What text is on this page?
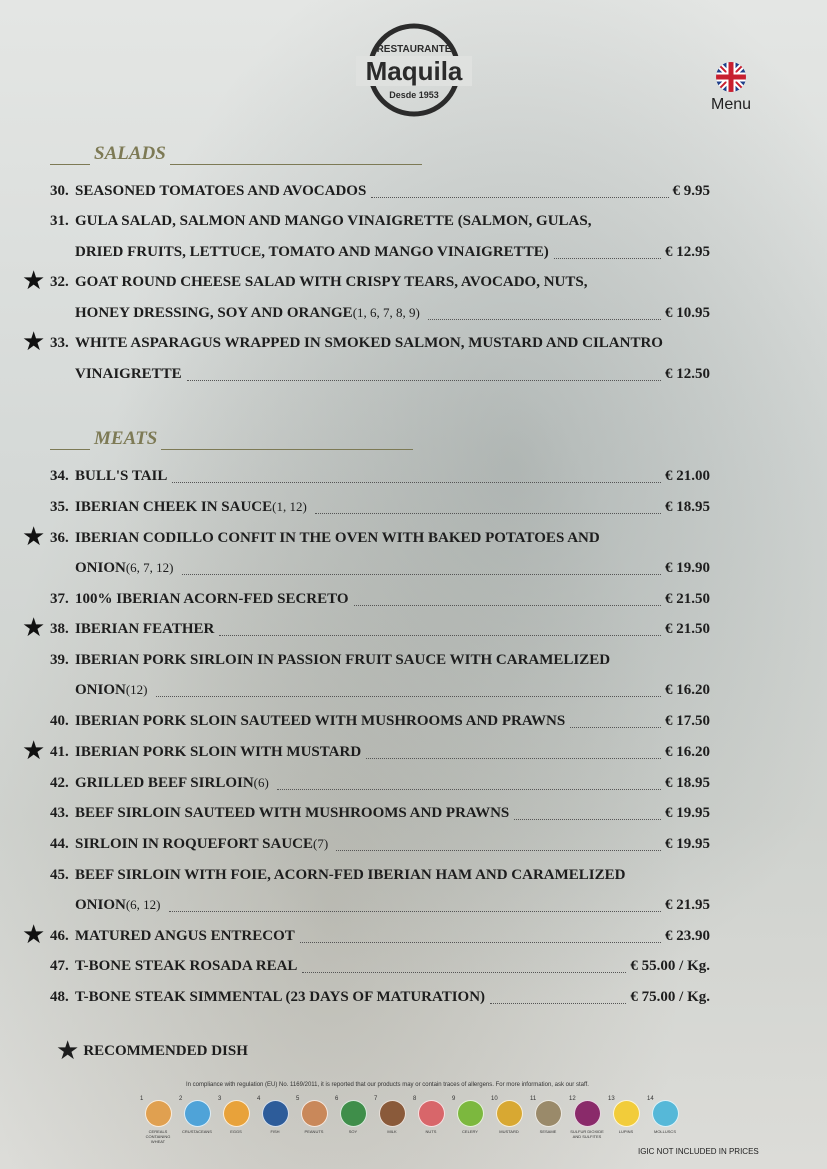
RESTAURANTE
Maquila
Desde 1953
Menu
SALADS
MEATS
30. SEASONED TOMATOES AND AVOCADOS	€ 9.95
31. GULA SALAD, SALMON AND MANGO VINAIGRETTE (SALMON, GULAS,
DRIED FRUITS, LETTUCE, TOMATO AND MANGO VINAIGRETTE)	€ 12.95
★ 32. GOAT ROUND CHEESE SALAD WITH CRISPY TEARS, AVOCADO, NUTS,
HONEY DRESSING, SOY AND ORANGE(1, 6, 7, 8, 9)	€ 10.95
★ 33. WHITE ASPARAGUS WRAPPED IN SMOKED SALMON, MUSTARD AND CILANTRO
VINAIGRETTE	€ 12.50
34. BULL'S TAIL	€ 21.00
35. IBERIAN CHEEK IN SAUCE(1, 12)	€ 18.95
★ 36. IBERIAN CODILLO CONFIT IN THE OVEN WITH BAKED POTATOES AND
ONION(6, 7, 12)	€ 19.90
37. 100% IBERIAN ACORN-FED SECRETO	€ 21.50
★ 38. IBERIAN FEATHER	€ 21.50
39. IBERIAN PORK SIRLOIN IN PASSION FRUIT SAUCE WITH CARAMELIZED
ONION(12)	€ 16.20
40. IBERIAN PORK SLOIN SAUTEED WITH MUSHROOMS AND PRAWNS	€ 17.50
★ 41. IBERIAN PORK SLOIN WITH MUSTARD	€ 16.20
42. GRILLED BEEF SIRLOIN(6)	€ 18.95
43. BEEF SIRLOIN SAUTEED WITH MUSHROOMS AND PRAWNS	€ 19.95
44. SIRLOIN IN ROQUEFORT SAUCE(7)	€ 19.95
45. BEEF SIRLOIN WITH FOIE, ACORN-FED IBERIAN HAM AND CARAMELIZED
ONION(6, 12)	€ 21.95
★ 46. MATURED ANGUS ENTRECOT	€ 23.90
47. T-BONE STEAK ROSADA REAL	€ 55.00 / Kg.
48. T-BONE STEAK SIMMENTAL (23 DAYS OF MATURATION)	€ 75.00 / Kg.
★ RECOMMENDED DISH
In compliance with regulation (EU) No. 1169/2011, it is reported that our products may or contain traces of allergens. For more information, ask our staff.
1
CEREALS CONTAINING WHEAT
2
CRUSTACEANS
3
EGGS
4
FISH
5
PEANUTS
6
SOY
7
MILK
8
NUTS
9
CELERY
10
MUSTARD
11
SESAME
12
SULFUR DIOXIDE AND SULFITES
13
LUPINS
14
MOLLUSCS
IGIC NOT INCLUDED IN PRICES
